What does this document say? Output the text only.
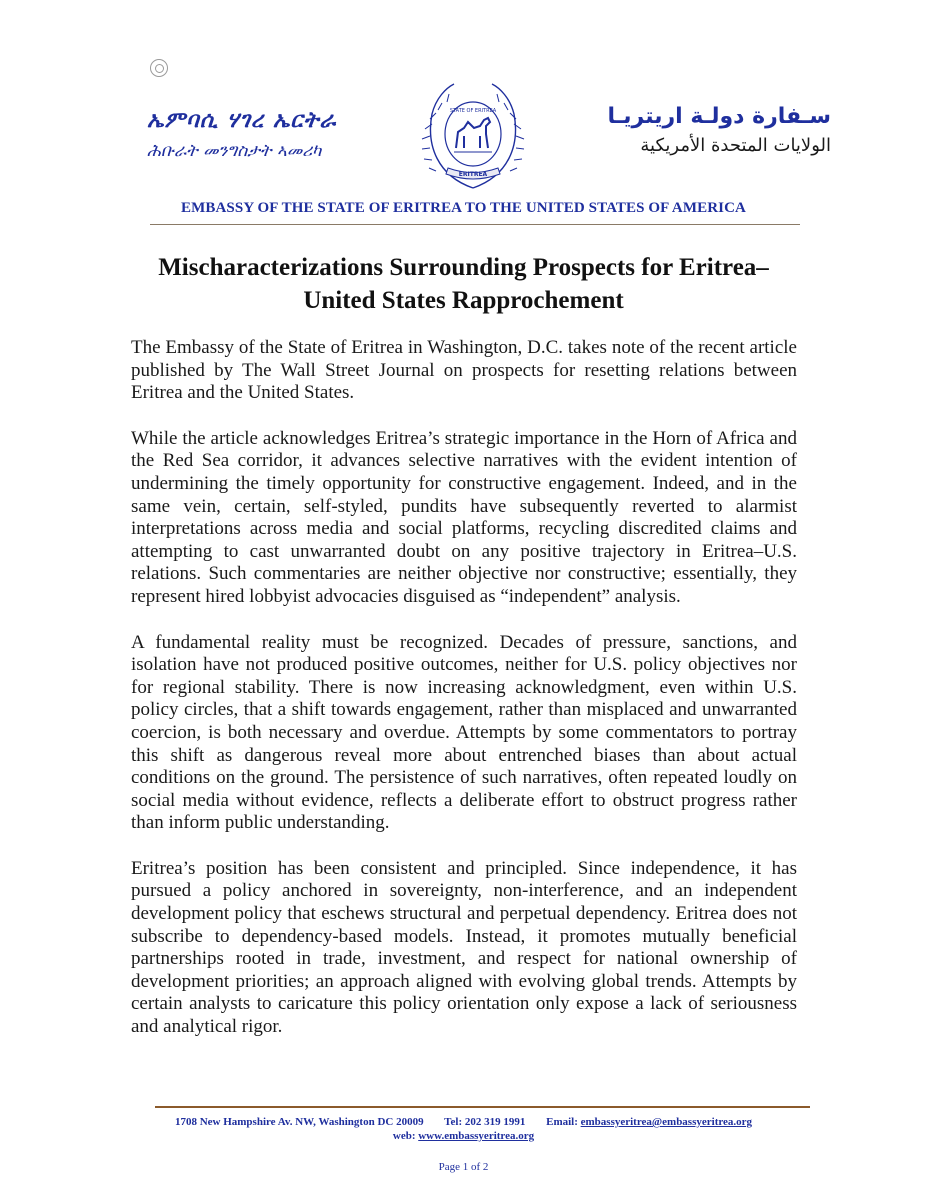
ኤምባሲ ሃገረ ኤርትራ
ሕቡራት መንግስታት ኣመሪካ
STATE OF ERITREA
ERITREA
سـفارة دولـة اريتريـا
الولايات المتحدة الأمريكية
EMBASSY OF THE STATE OF ERITREA TO THE UNITED STATES OF AMERICA
Mischaracterizations Surrounding Prospects for Eritrea–
United States Rapprochement

The Embassy of the State of Eritrea in Washington, D.C. takes note of the recent article published by The Wall Street Journal on prospects for resetting relations between Eritrea and the United States.

While the article acknowledges Eritrea’s strategic importance in the Horn of Africa and the Red Sea corridor, it advances selective narratives with the evident intention of undermining the timely opportunity for constructive engagement. Indeed, and in the same vein, certain, self-styled, pundits have subsequently reverted to alarmist interpretations across media and social platforms, recycling discredited claims and attempting to cast unwarranted doubt on any positive trajectory in Eritrea–U.S. relations. Such commentaries are neither objective nor constructive; essentially, they represent hired lobbyist advocacies disguised as “independent” analysis.

A fundamental reality must be recognized. Decades of pressure, sanctions, and isolation have not produced positive outcomes, neither for U.S. policy objectives nor for regional stability. There is now increasing acknowledgment, even within U.S. policy circles, that a shift towards engagement, rather than misplaced and unwarranted coercion, is both necessary and overdue. Attempts by some commentators to portray this shift as dangerous reveal more about entrenched biases than about actual conditions on the ground. The persistence of such narratives, often repeated loudly on social media without evidence, reflects a deliberate effort to obstruct progress rather than inform public understanding.

Eritrea’s position has been consistent and principled. Since independence, it has pursued a policy anchored in sovereignty, non-interference, and an independent development policy that eschews structural and perpetual dependency. Eritrea does not subscribe to dependency-based models. Instead, it promotes mutually beneficial partnerships rooted in trade, investment, and respect for national ownership of development priorities; an approach aligned with evolving global trends. Attempts by certain analysts to caricature this policy orientation only expose a lack of seriousness and analytical rigor.

1708 New Hampshire Av. NW, Washington DC 20009 Tel: 202 319 1991 Email: embassyeritrea@embassyeritrea.org
web: www.embassyeritrea.org
Page 1 of 2
